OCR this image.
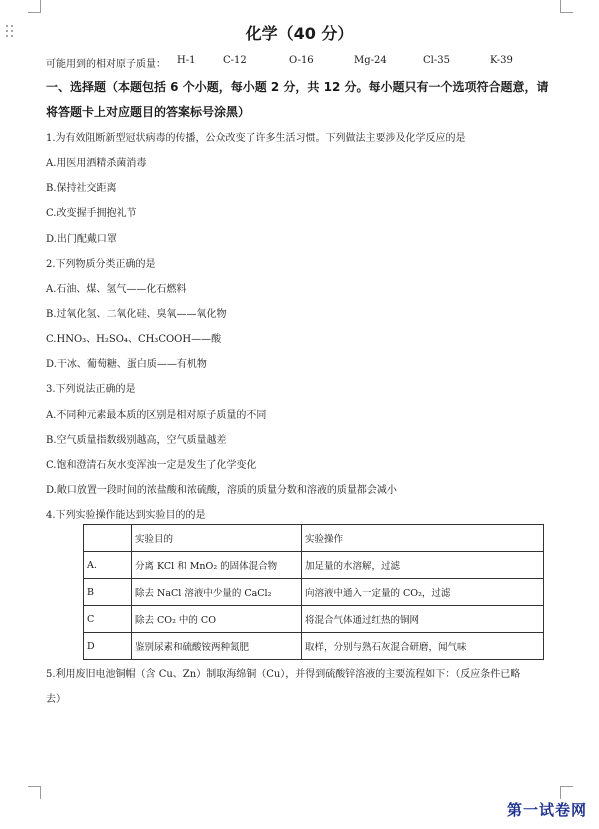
化学（40 分）
可能用到的相对原子质量： H-1	C-12	O-16	Mg-24	Cl-35	K-39
一、选择题（本题包括 6 个小题，每小题 2 分，共 12 分。每小题只有一个选项符合题意，请
将答题卡上对应题目的答案标号涂黑）
1.为有效阻断新型冠状病毒的传播，公众改变了许多生活习惯。下列做法主要涉及化学反应的是
A.用医用酒精杀菌消毒
B.保持社交距离
C.改变握手拥抱礼节
D.出门配戴口罩
2.下列物质分类正确的是
A.石油、煤、氢气——化石燃料
B.过氧化氢、二氧化硅、臭氧——氧化物
C.HNO₃、H₂SO₄、CH₃COOH——酸
D.干冰、葡萄糖、蛋白质——有机物
3.下列说法正确的是
A.不同种元素最本质的区别是相对原子质量的不同
B.空气质量指数级别越高，空气质量越差
C.饱和澄清石灰水变浑浊一定是发生了化学变化
D.敞口放置一段时间的浓盐酸和浓硫酸，溶质的质量分数和溶液的质量都会减小
4.下列实验操作能达到实验目的的是
	实验目的	实验操作
A.	分离 KCl 和 MnO₂ 的固体混合物	加足量的水溶解，过滤
B	除去 NaCl 溶液中少量的 CaCl₂	向溶液中通入一定量的 CO₂，过滤
C	除去 CO₂ 中的 CO	将混合气体通过红热的铜网
D	鉴别尿素和硫酸铵两种氮肥	取样，分别与熟石灰混合研磨，闻气味
5.利用废旧电池铜帽（含 Cu、Zn）制取海绵铜（Cu），并得到硫酸锌溶液的主要流程如下：（反应条件已略
去）
第一试卷网
